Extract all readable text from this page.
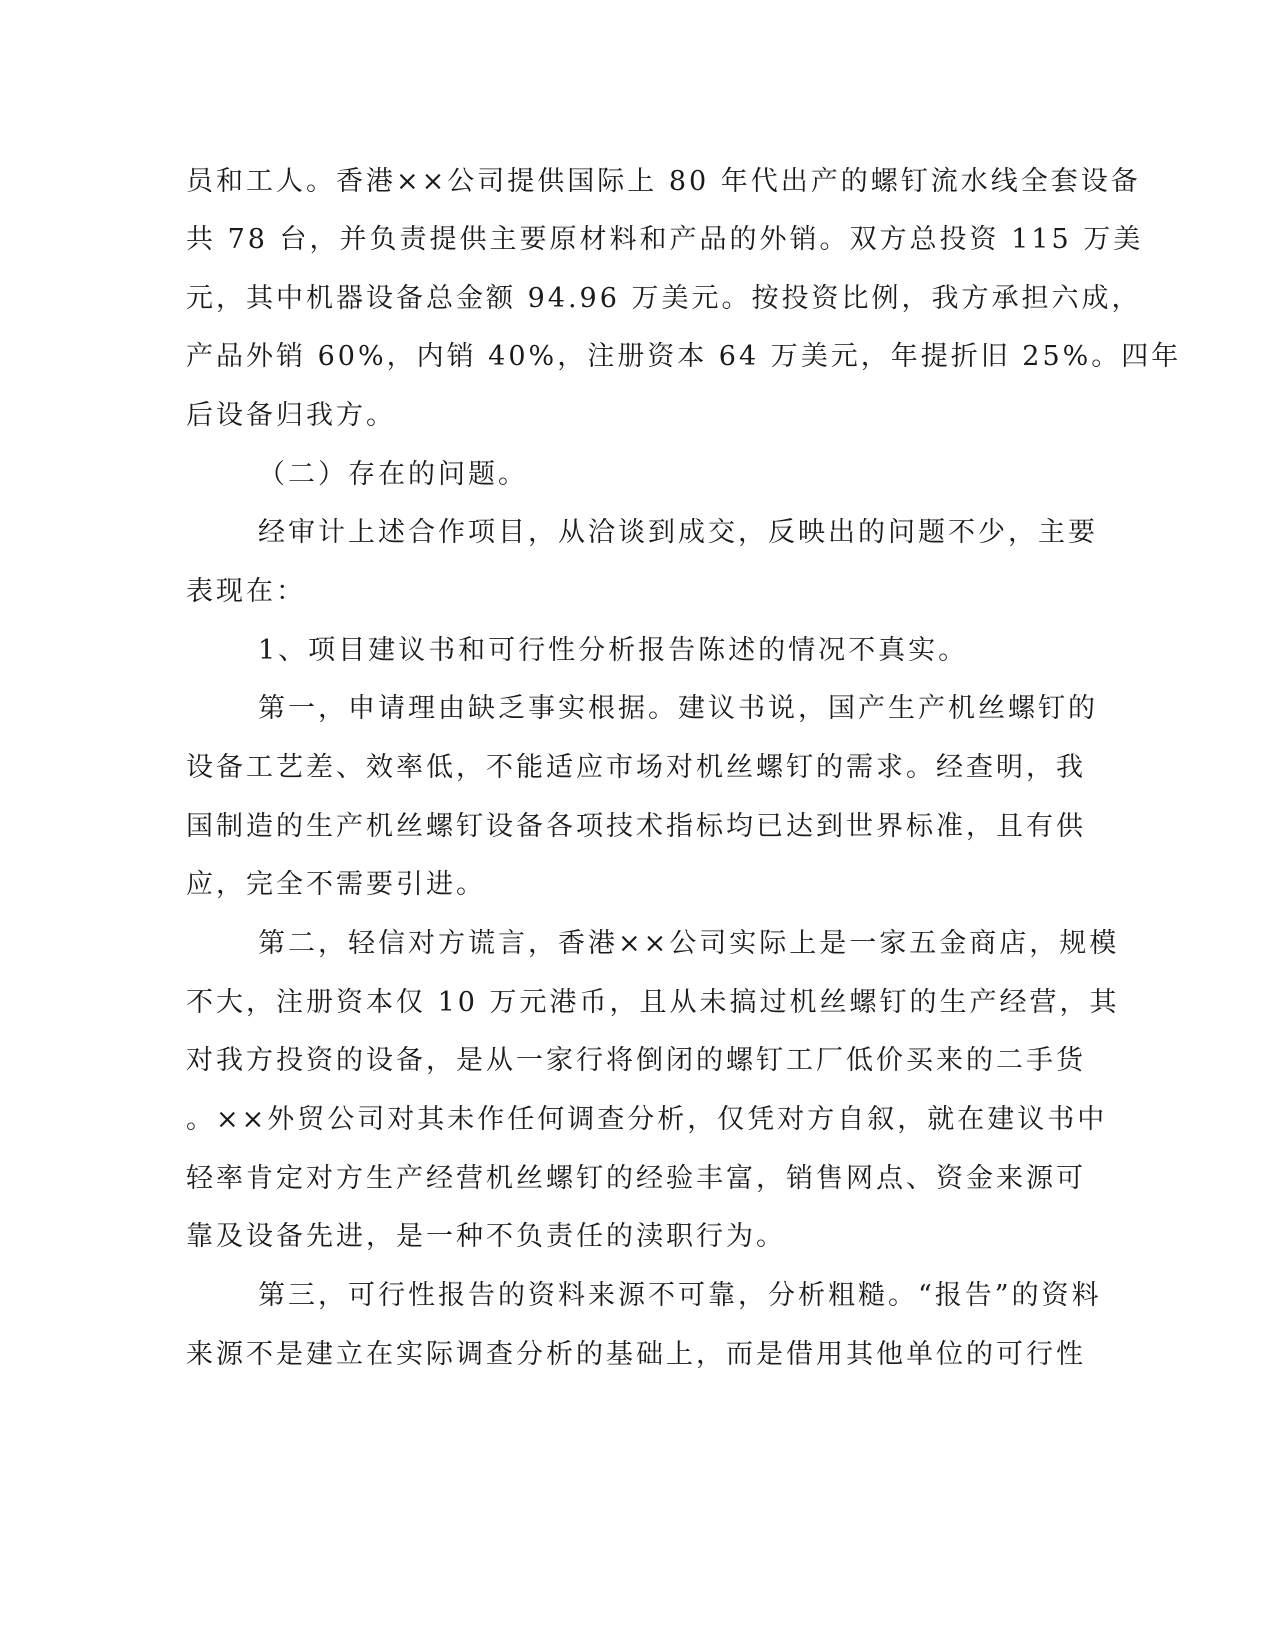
员和工人。香港××公司提供国际上 80 年代出产的螺钉流水线全套设备
共 78 台，并负责提供主要原材料和产品的外销。双方总投资 115 万美
元，其中机器设备总金额 94.96 万美元。按投资比例，我方承担六成，
产品外销 60%，内销 40%，注册资本 64 万美元，年提折旧 25%。四年
后设备归我方。
（二）存在的问题。
经审计上述合作项目，从洽谈到成交，反映出的问题不少，主要
表现在：
1、项目建议书和可行性分析报告陈述的情况不真实。
第一，申请理由缺乏事实根据。建议书说，国产生产机丝螺钉的
设备工艺差、效率低，不能适应市场对机丝螺钉的需求。经查明，我
国制造的生产机丝螺钉设备各项技术指标均已达到世界标准，且有供
应，完全不需要引进。
第二，轻信对方谎言，香港××公司实际上是一家五金商店，规模
不大，注册资本仅 10 万元港币，且从未搞过机丝螺钉的生产经营，其
对我方投资的设备，是从一家行将倒闭的螺钉工厂低价买来的二手货
。××外贸公司对其未作任何调查分析，仅凭对方自叙，就在建议书中
轻率肯定对方生产经营机丝螺钉的经验丰富，销售网点、资金来源可
靠及设备先进，是一种不负责任的渎职行为。
第三，可行性报告的资料来源不可靠，分析粗糙。“报告”的资料
来源不是建立在实际调查分析的基础上，而是借用其他单位的可行性
